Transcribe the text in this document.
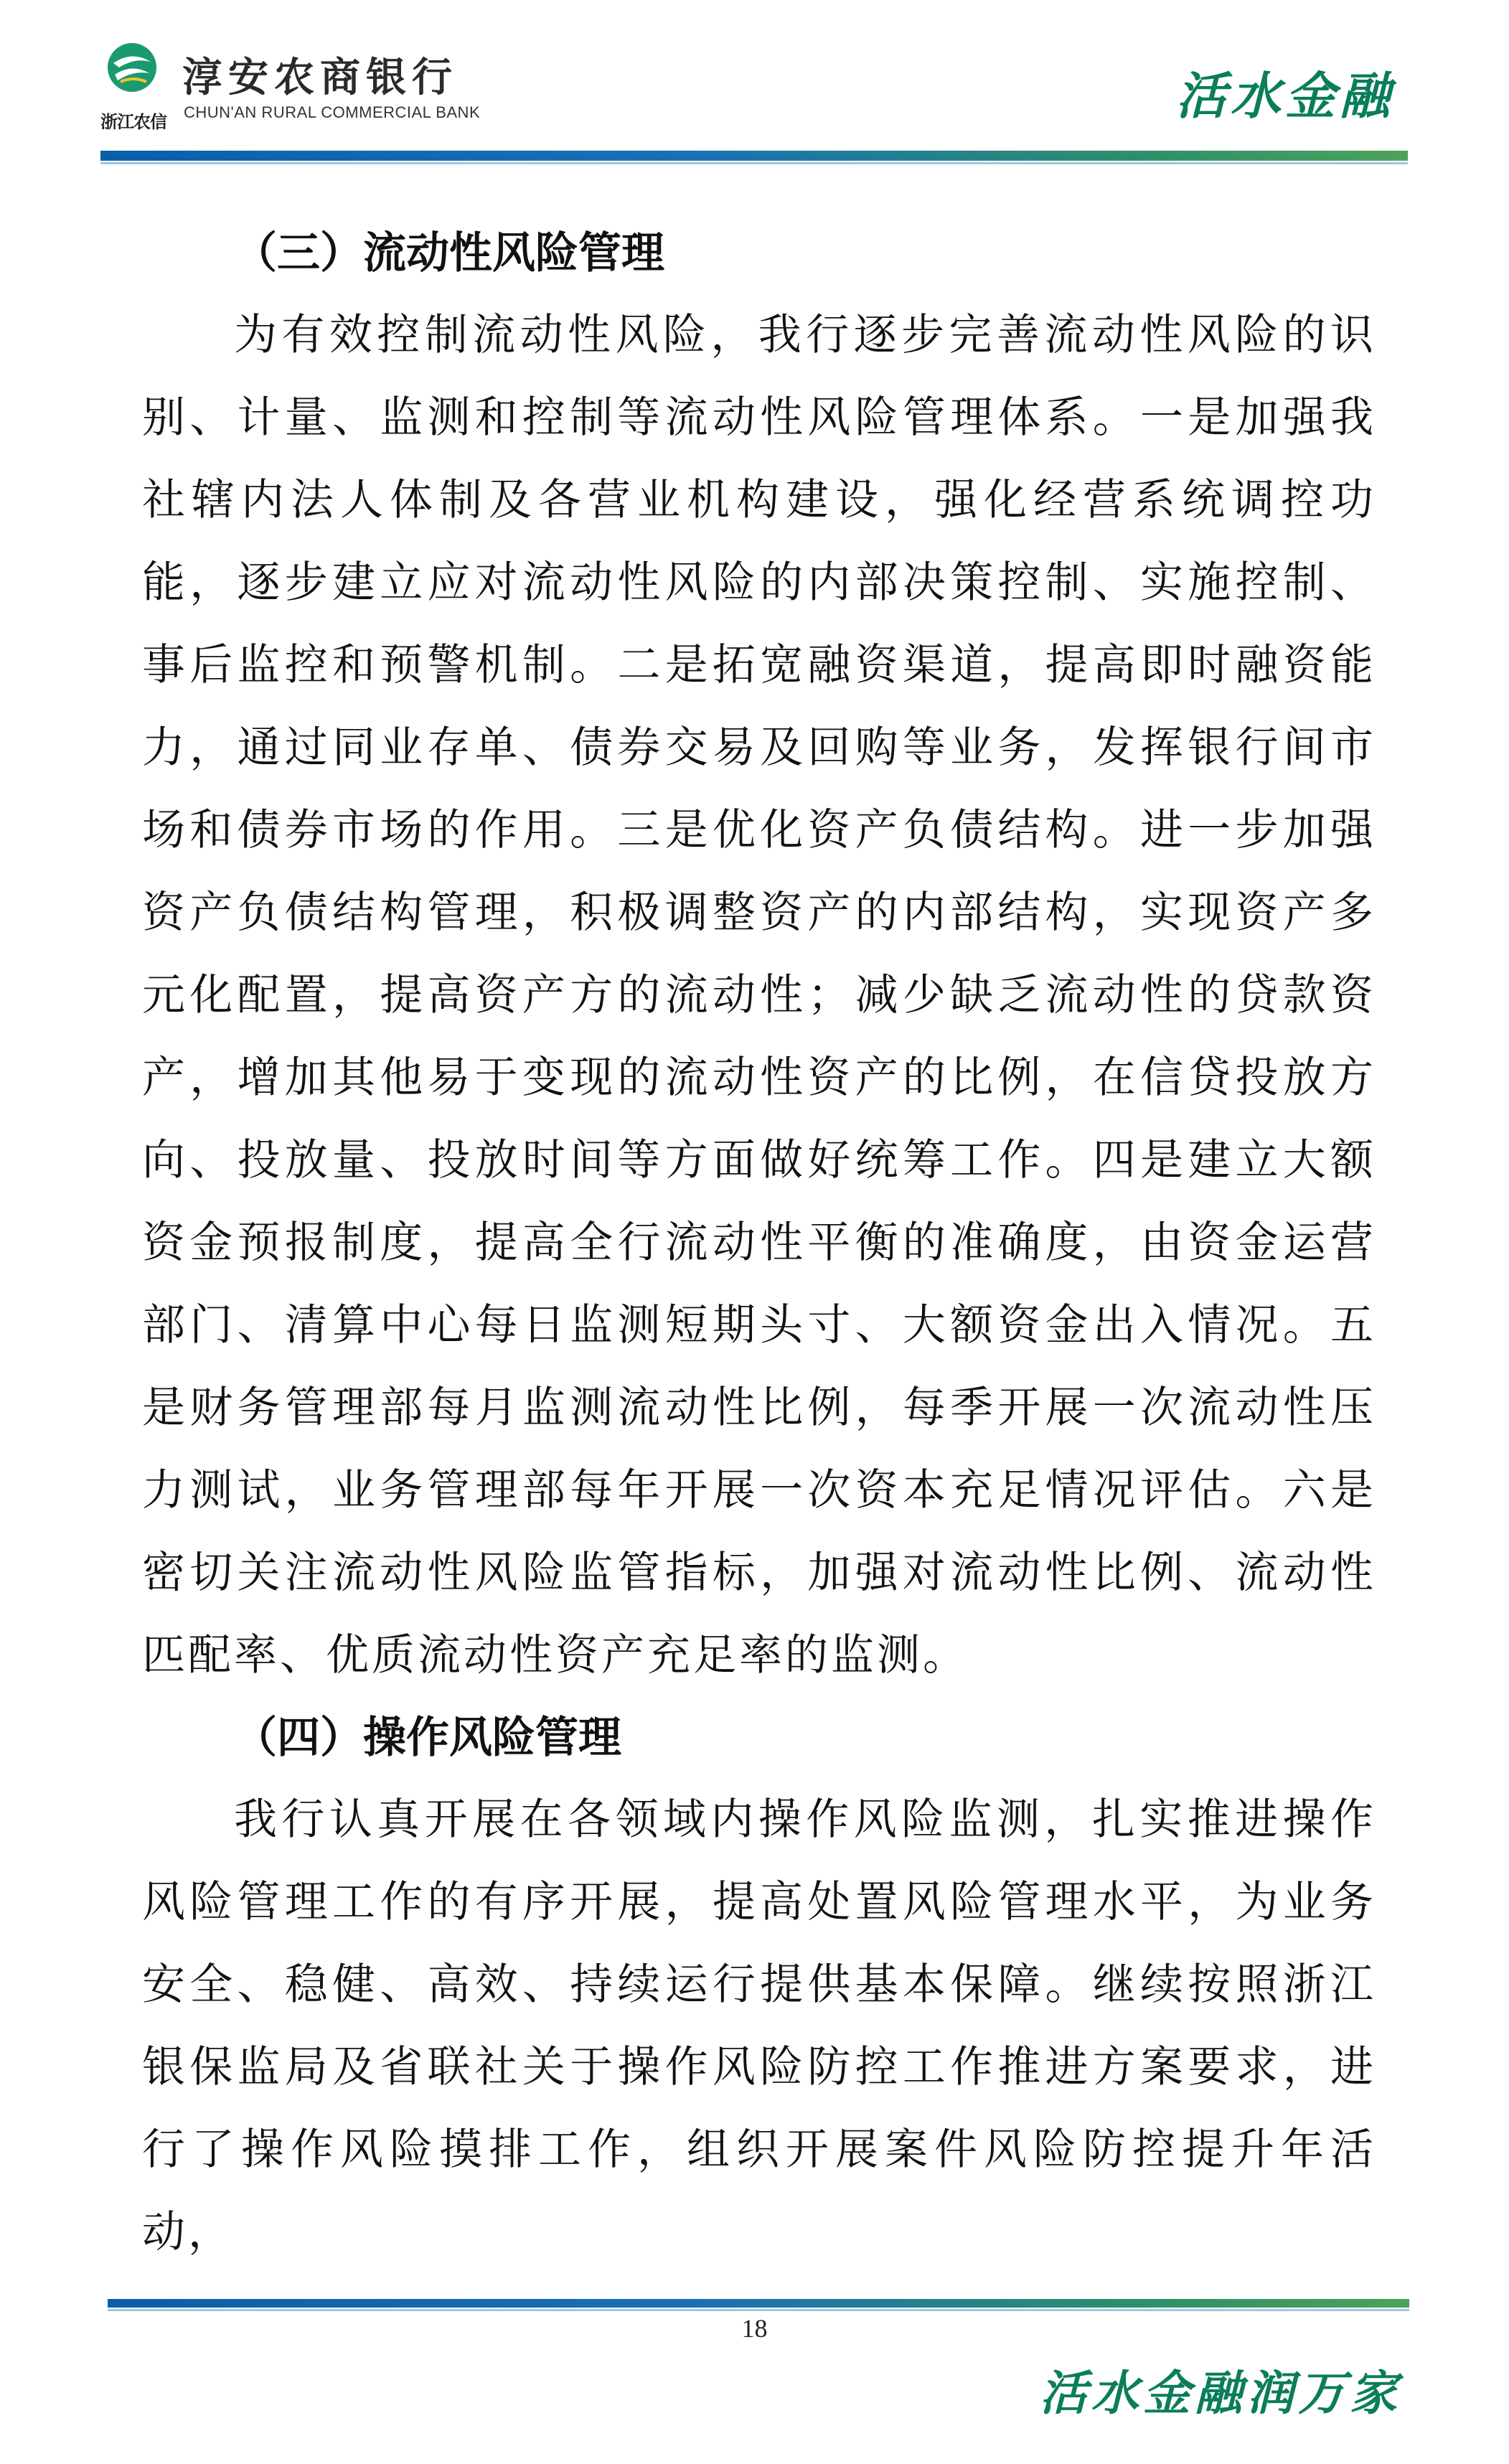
浙江农信
淳安农商银行
CHUN'AN RURAL COMMERCIAL BANK	活水金融
（三）流动性风险管理

为有效控制流动性风险，我行逐步完善流动性风险的识别、计量、监测和控制等流动性风险管理体系。一是加强我社辖内法人体制及各营业机构建设，强化经营系统调控功能，逐步建立应对流动性风险的内部决策控制、实施控制、事后监控和预警机制。二是拓宽融资渠道，提高即时融资能力，通过同业存单、债券交易及回购等业务，发挥银行间市场和债券市场的作用。三是优化资产负债结构。进一步加强资产负债结构管理，积极调整资产的内部结构，实现资产多元化配置，提高资产方的流动性；减少缺乏流动性的贷款资产，增加其他易于变现的流动性资产的比例，在信贷投放方向、投放量、投放时间等方面做好统筹工作。四是建立大额资金预报制度，提高全行流动性平衡的准确度，由资金运营部门、清算中心每日监测短期头寸、大额资金出入情况。五是财务管理部每月监测流动性比例，每季开展一次流动性压力测试，业务管理部每年开展一次资本充足情况评估。六是密切关注流动性风险监管指标，加强对流动性比例、流动性匹配率、优质流动性资产充足率的监测。

（四）操作风险管理

我行认真开展在各领域内操作风险监测，扎实推进操作风险管理工作的有序开展，提高处置风险管理水平，为业务安全、稳健、高效、持续运行提供基本保障。继续按照浙江银保监局及省联社关于操作风险防控工作推进方案要求，进行了操作风险摸排工作，组织开展案件风险防控提升年活动，

18
活水金融润万家
